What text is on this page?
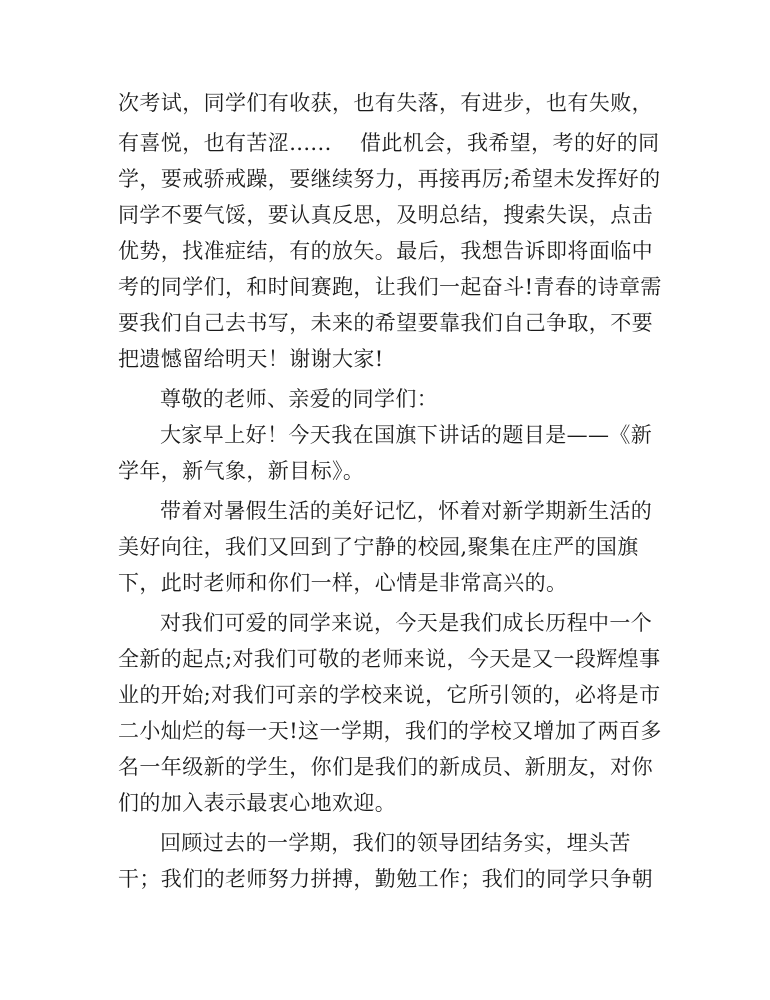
次考试，同学们有收获，也有失落，有进步，也有失败，
有喜悦，也有苦涩......    借此机会，我希望，考的好的同
学，要戒骄戒躁，要继续努力，再接再厉;希望未发挥好的
同学不要气馁，要认真反思，及明总结，搜索失误，点击
优势，找准症结，有的放矢。最后，我想告诉即将面临中
考的同学们，和时间赛跑，让我们一起奋斗!青春的诗章需
要我们自己去书写，未来的希望要靠我们自己争取，不要
把遗憾留给明天！谢谢大家!
尊敬的老师、亲爱的同学们：
大家早上好！今天我在国旗下讲话的题目是——《新
学年，新气象，新目标》。
带着对暑假生活的美好记忆，怀着对新学期新生活的
美好向往，我们又回到了宁静的校园,聚集在庄严的国旗
下，此时老师和你们一样，心情是非常高兴的。
对我们可爱的同学来说，今天是我们成长历程中一个
全新的起点;对我们可敬的老师来说，今天是又一段辉煌事
业的开始;对我们可亲的学校来说，它所引领的，必将是市
二小灿烂的每一天!这一学期，我们的学校又增加了两百多
名一年级新的学生，你们是我们的新成员、新朋友，对你
们的加入表示最衷心地欢迎。
回顾过去的一学期，我们的领导团结务实，埋头苦
干；我们的老师努力拼搏，勤勉工作；我们的同学只争朝
